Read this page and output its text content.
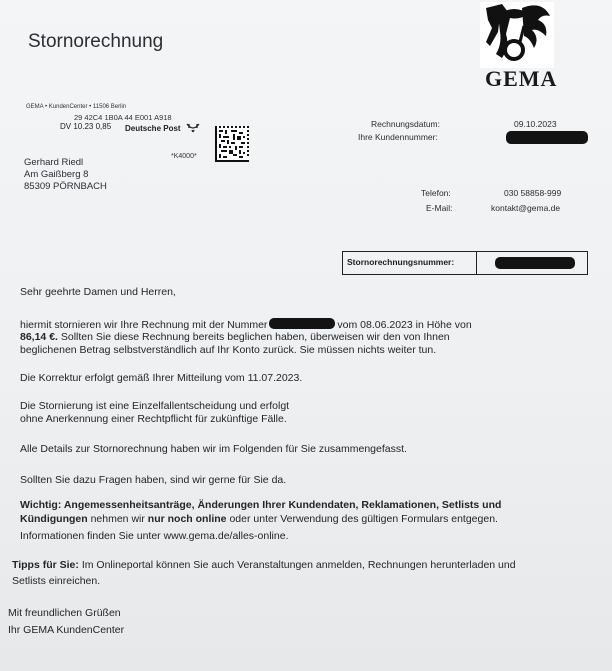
Stornorechnung
GEMA
GEMA • KundenCenter • 11506 Berlin
29 42C4 1B0A 44 E001 A918
DV 10.23 0,85 Deutsche Post
*K4000*
Gerhard Riedl
Am Gaißberg 8
85309 PÖRNBACH
Rechnungsdatum:	09.10.2023
Ihre Kundennummer:
Telefon:	030 58858-999
E-Mail:	kontakt@gema.de
Stornorechnungsnummer:
Sehr geehrte Damen und Herren,
hiermit stornieren wir Ihre Rechnung mit der Nummer	vom 08.06.2023 in Höhe von
86,14 €. Sollten Sie diese Rechnung bereits beglichen haben, überweisen wir den von Ihnen
beglichenen Betrag selbstverständlich auf Ihr Konto zurück. Sie müssen nichts weiter tun.
Die Korrektur erfolgt gemäß Ihrer Mitteilung vom 11.07.2023.
Die Stornierung ist eine Einzelfallentscheidung und erfolgt
ohne Anerkennung einer Rechtpflicht für zukünftige Fälle.
Alle Details zur Stornorechnung haben wir im Folgenden für Sie zusammengefasst.
Sollten Sie dazu Fragen haben, sind wir gerne für Sie da.
Wichtig: Angemessenheitsanträge, Änderungen Ihrer Kundendaten, Reklamationen, Setlists und
Kündigungen nehmen wir nur noch online oder unter Verwendung des gültigen Formulars entgegen.
Informationen finden Sie unter www.gema.de/alles-online.
Tipps für Sie: Im Onlineportal können Sie auch Veranstaltungen anmelden, Rechnungen herunterladen und
Setlists einreichen.
Mit freundlichen Grüßen
Ihr GEMA KundenCenter
